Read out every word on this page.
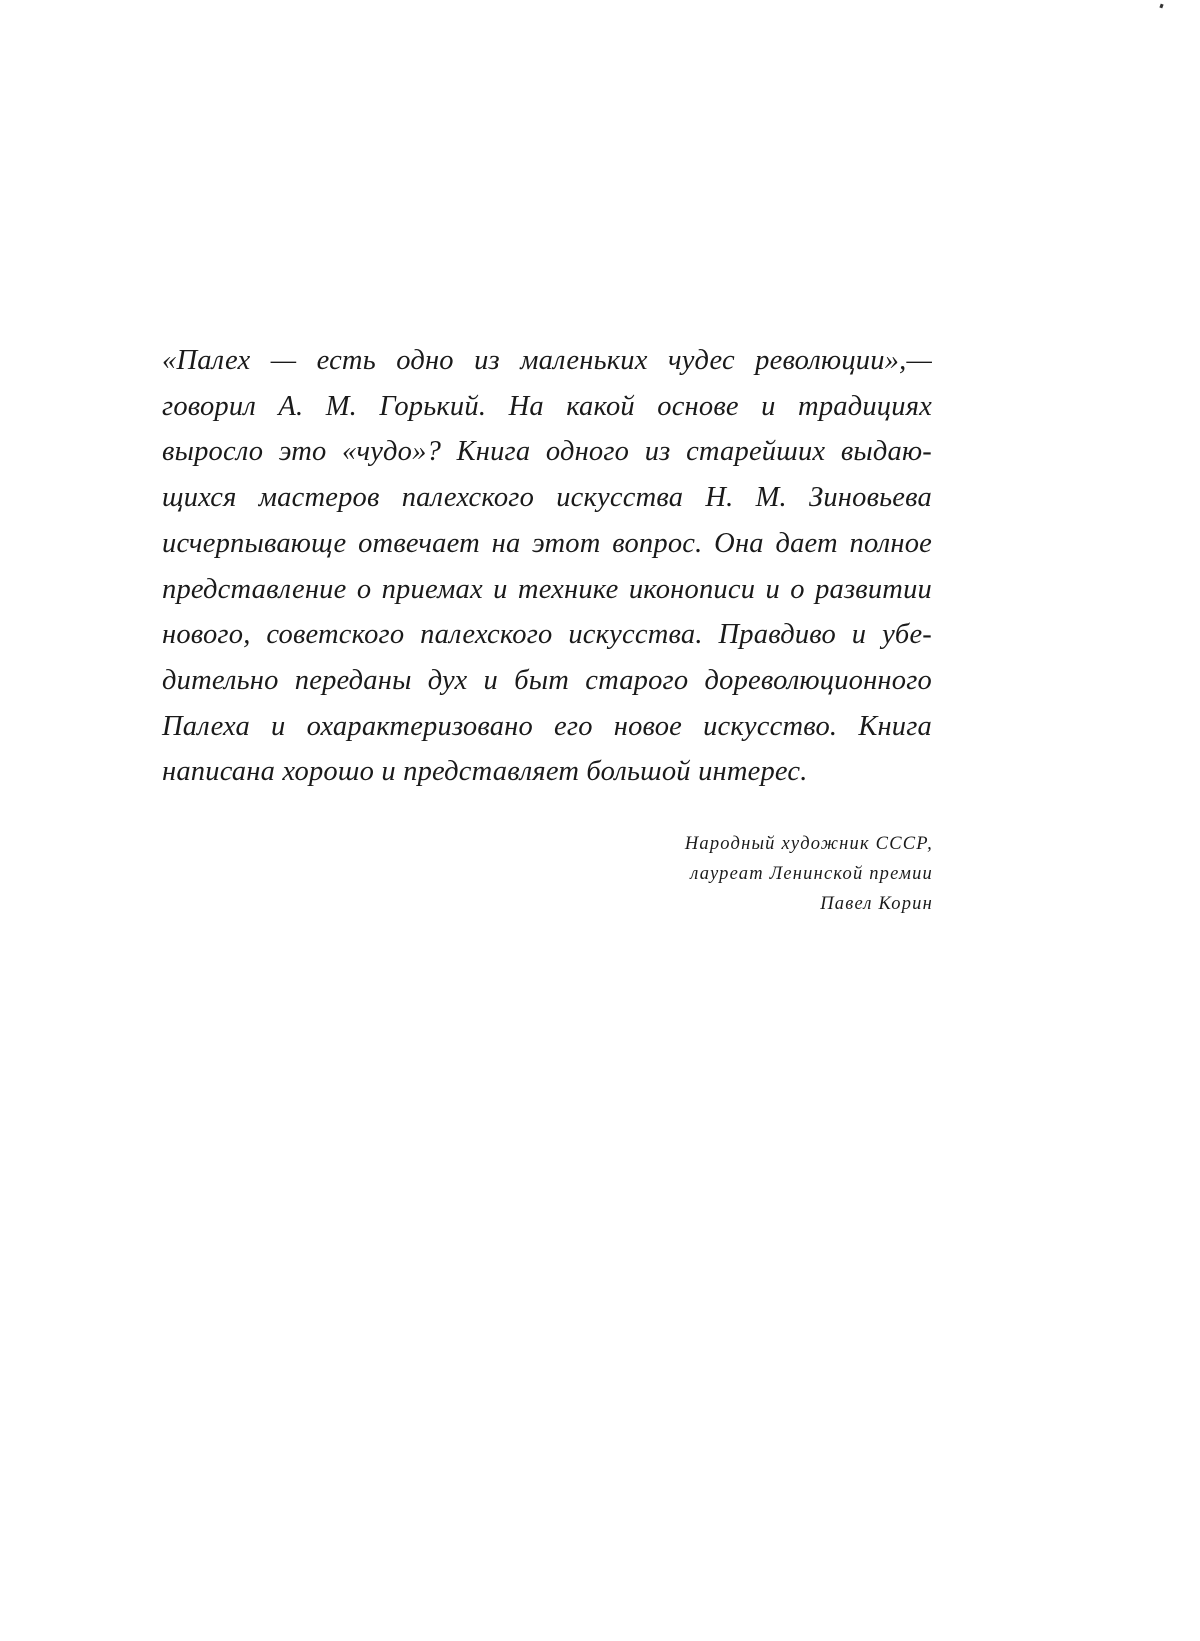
«Палех — есть одно из маленьких чудес революции»,—
говорил А. М. Горький. На какой основе и традициях
выросло это «чудо»? Книга одного из старейших выдаю-
щихся мастеров палехского искусства Н. М. Зиновьева
исчерпывающе отвечает на этот вопрос. Она дает полное
представление о приемах и технике иконописи и о развитии
нового, советского палехского искусства. Правдиво и убе-
дительно переданы дух и быт старого дореволюционного
Палеха и охарактеризовано его новое искусство. Книга
написана хорошо и представляет большой интерес.
Народный художник СССР,
лауреат Ленинской премии
Павел Корин
